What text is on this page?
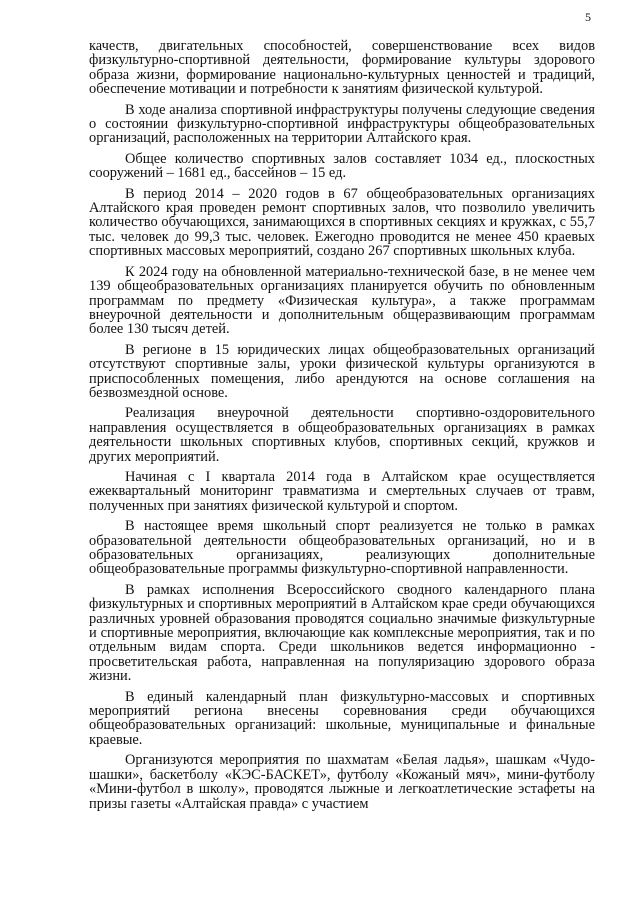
5

качеств, двигательных способностей, совершенствование всех видов физкультурно-спортивной деятельности, формирование культуры здорового образа жизни, формирование национально-культурных ценностей и традиций, обеспечение мотивации и потребности к занятиям физической культурой.

В ходе анализа спортивной инфраструктуры получены следующие сведения о состоянии физкультурно-спортивной инфраструктуры общеобразовательных организаций, расположенных на территории Алтайского края.

Общее количество спортивных залов составляет 1034 ед., плоскостных сооружений – 1681 ед., бассейнов – 15 ед.

В период 2014 – 2020 годов в 67 общеобразовательных организациях Алтайского края проведен ремонт спортивных залов, что позволило увеличить количество обучающихся, занимающихся в спортивных секциях и кружках, с 55,7 тыс. человек до 99,3 тыс. человек. Ежегодно проводится не менее 450 краевых спортивных массовых мероприятий, создано 267 спортивных школьных клуба.

К 2024 году на обновленной материально-технической базе, в не менее чем 139 общеобразовательных организациях планируется обучить по обновленным программам по предмету «Физическая культура», а также программам внеурочной деятельности и дополнительным общеразвивающим программам более 130 тысяч детей.

В регионе в 15 юридических лицах общеобразовательных организаций отсутствуют спортивные залы, уроки физической культуры организуются в приспособленных помещения, либо арендуются на основе соглашения на безвозмездной основе.

Реализация внеурочной деятельности спортивно-оздоровительного направления осуществляется в общеобразовательных организациях в рамках деятельности школьных спортивных клубов, спортивных секций, кружков и других мероприятий.

Начиная с I квартала 2014 года в Алтайском крае осуществляется ежеквартальный мониторинг травматизма и смертельных случаев от травм, полученных при занятиях физической культурой и спортом.

В настоящее время школьный спорт реализуется не только в рамках образовательной деятельности общеобразовательных организаций, но и в образовательных организациях, реализующих дополнительные общеобразовательные программы физкультурно-спортивной направленности.

В рамках исполнения Всероссийского сводного календарного плана физкультурных и спортивных мероприятий в Алтайском крае среди обучающихся различных уровней образования проводятся социально значимые физкультурные и спортивные мероприятия, включающие как комплексные мероприятия, так и по отдельным видам спорта. Среди школьников ведется информационно - просветительская работа, направленная на популяризацию здорового образа жизни.

В единый календарный план физкультурно-массовых и спортивных мероприятий региона внесены соревнования среди обучающихся общеобразовательных организаций: школьные, муниципальные и финальные краевые.

Организуются мероприятия по шахматам «Белая ладья», шашкам «Чудо-шашки», баскетболу «КЭС-БАСКЕТ», футболу «Кожаный мяч», мини-футболу «Мини-футбол в школу», проводятся лыжные и легкоатлетические эстафеты на призы газеты «Алтайская правда» с участием
